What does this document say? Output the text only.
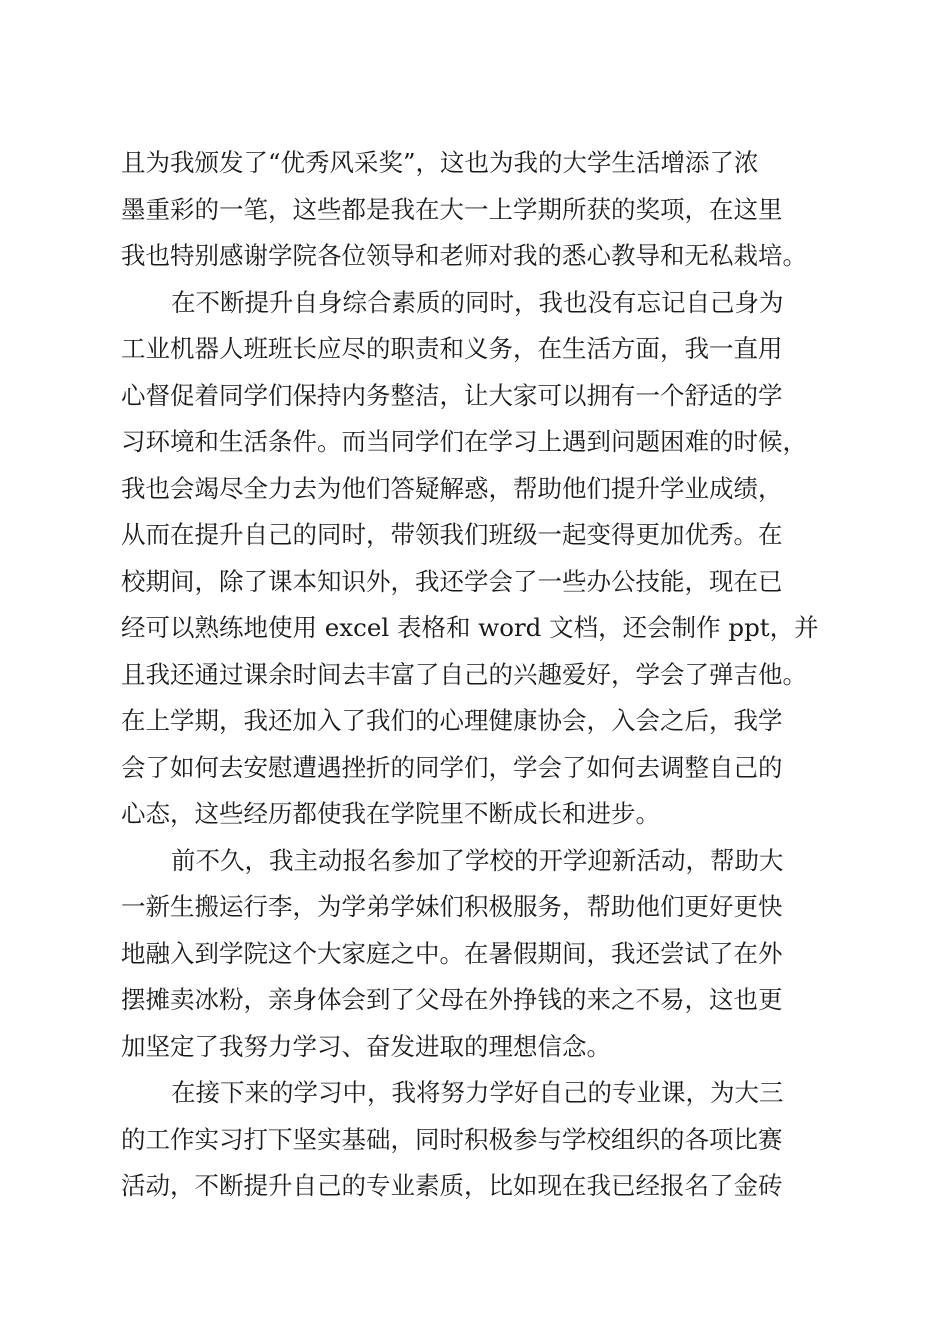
且为我颁发了“优秀风采奖”，这也为我的大学生活增添了浓
墨重彩的一笔，这些都是我在大一上学期所获的奖项，在这里
我也特别感谢学院各位领导和老师对我的悉心教导和无私栽培。
在不断提升自身综合素质的同时，我也没有忘记自己身为
工业机器人班班长应尽的职责和义务，在生活方面，我一直用
心督促着同学们保持内务整洁，让大家可以拥有一个舒适的学
习环境和生活条件。而当同学们在学习上遇到问题困难的时候，
我也会竭尽全力去为他们答疑解惑，帮助他们提升学业成绩，
从而在提升自己的同时，带领我们班级一起变得更加优秀。在
校期间，除了课本知识外，我还学会了一些办公技能，现在已
经可以熟练地使用 excel 表格和 word 文档，还会制作 ppt，并
且我还通过课余时间去丰富了自己的兴趣爱好，学会了弹吉他。
在上学期，我还加入了我们的心理健康协会，入会之后，我学
会了如何去安慰遭遇挫折的同学们，学会了如何去调整自己的
心态，这些经历都使我在学院里不断成长和进步。
前不久，我主动报名参加了学校的开学迎新活动，帮助大
一新生搬运行李，为学弟学妹们积极服务，帮助他们更好更快
地融入到学院这个大家庭之中。在暑假期间，我还尝试了在外
摆摊卖冰粉，亲身体会到了父母在外挣钱的来之不易，这也更
加坚定了我努力学习、奋发进取的理想信念。
在接下来的学习中，我将努力学好自己的专业课，为大三
的工作实习打下坚实基础，同时积极参与学校组织的各项比赛
活动，不断提升自己的专业素质，比如现在我已经报名了金砖
